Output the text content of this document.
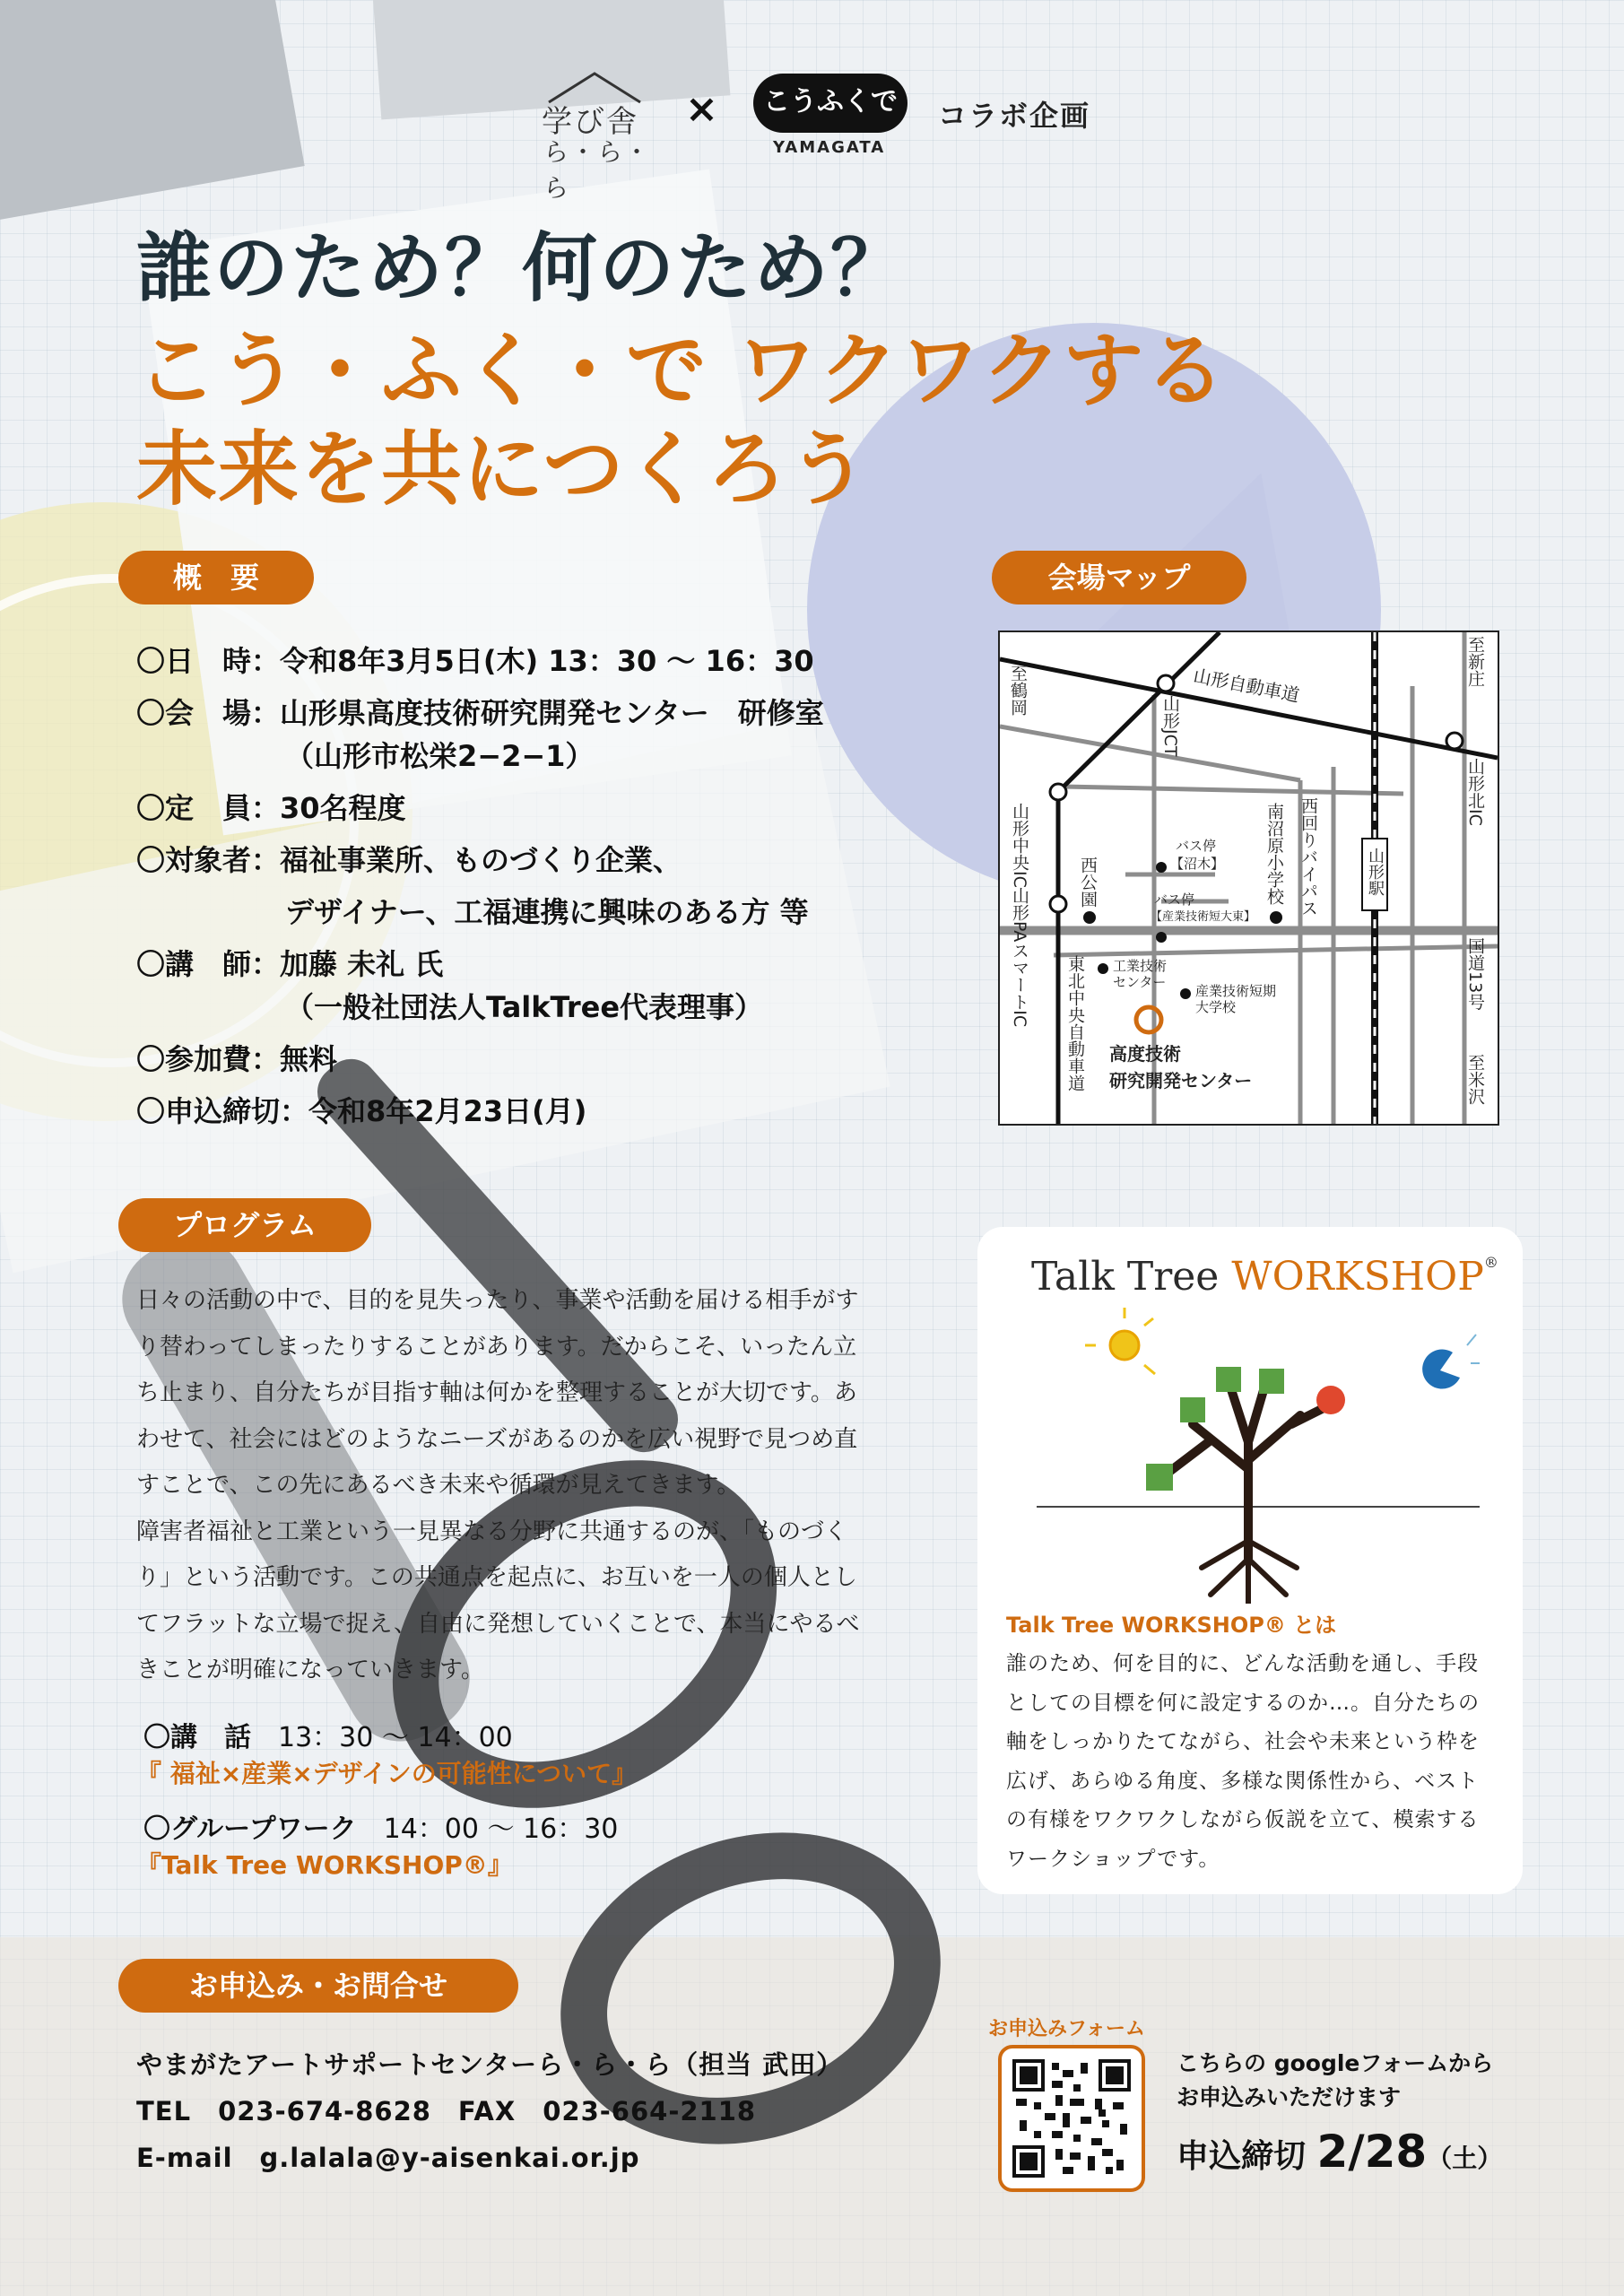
学び舎
ら・ら・ら
×	こうふくで
YAMAGATA
コラボ企画
誰のため？何のため？
こう・ふく・で ワクワクする
未来を共につくろう
概　要
〇日　時：令和8年3月5日(木) 13：30 〜 16：30
〇会　場：山形県高度技術研究開発センター　研修室
（山形市松栄2−2−1）
〇定　員：30名程度
〇対象者：福祉事業所、ものづくり企業、
デザイナー、工福連携に興味のある方 等
〇講　師：加藤 未礼 氏
（一般社団法人TalkTree代表理事）
〇参加費：無料
〇申込締切：令和8年2月23日(月)
会場マップ
山形自動車道
山形JCT
至鶴岡
至新庄
山形北IC
山形中央IC	西公園
バス停
【沼木】
バス停
【産業技術短大東】
南沼原小学校 西回りバイパス	山形駅
山形PAスマートIC 東北中央自動車道 工業技術
センター
産業技術短期
大学校	国道13号
至米沢
高度技術
研究開発センター
プログラム

日々の活動の中で、目的を見失ったり、事業や活動を届ける相手がすり替わってしまったりすることがあります。だからこそ、いったん立ち止まり、自分たちが目指す軸は何かを整理することが大切です。あわせて、社会にはどのようなニーズがあるのかを広い視野で見つめ直すことで、この先にあるべき未来や循環が見えてきます。

障害者福祉と工業という一見異なる分野に共通するのが、「ものづくり」という活動です。この共通点を起点に、お互いを一人の個人としてフラットな立場で捉え、自由に発想していくことで、本当にやるべきことが明確になっていきます。

〇講　話　 13：30 〜 14：00
『 福祉×産業×デザインの可能性について』
〇グループワーク　 14：00 〜 16：30
『Talk Tree WORKSHOP®』
Talk Tree WORKSHOP®
Talk Tree WORKSHOP® とは
誰のため、何を目的に、どんな活動を通し、手段としての目標を何に設定するのか…。自分たちの軸をしっかりたてながら、社会や未来という枠を広げ、あらゆる角度、多様な関係性から、ベストの有様をワクワクしながら仮説を立て、模索するワークショップです。
お申込み・お問合せ
やまがたアートサポートセンターら・ら・ら（担当 武田）
TEL　023-674-8628　FAX　023-664-2118
E-mail　g.lalala@y-aisenkai.or.jp
お申込みフォーム
こちらの googleフォームから
お申込みいただけます
申込締切 2/28（土）
